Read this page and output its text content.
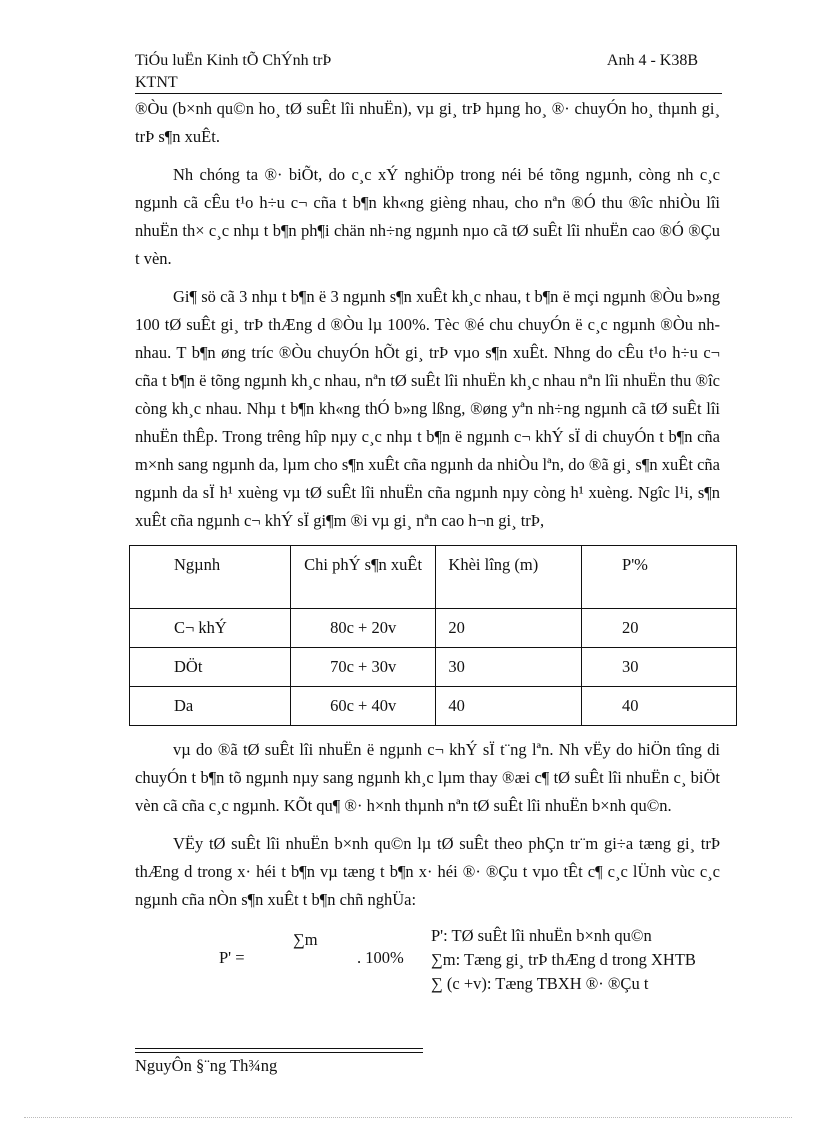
TiÓu luËn Kinh tÕ ChÝnh trÞ
KTNT
Anh 4 - K38B

®Òu (b×nh qu©n ho¸ tØ suÊt lîi nhuËn), vµ gi¸ trÞ hµng ho¸ ®· chuyÓn ho¸ thµnh gi¸ trÞ s¶n xuÊt.

Nh chóng ta ®· biÕt, do c¸c xÝ nghiÖp trong néi bé tõng ngµnh, còng nh c¸c ngµnh cã cÊu t¹o h÷u c¬ cña t b¶n kh«ng gièng nhau, cho nªn ®Ó thu ®îc nhiÒu lîi nhuËn th× c¸c nhµ t b¶n ph¶i chän nh÷ng ngµnh nµo cã tØ suÊt lîi nhuËn cao ®Ó ®Çu t vèn.

Gi¶ sö cã 3 nhµ t b¶n ë 3 ngµnh s¶n xuÊt kh¸c nhau, t b¶n ë mçi ngµnh ®Òu b»ng 100 tØ suÊt gi¸ trÞ thÆng d ®Òu lµ 100%. Tèc ®é chu chuyÓn ë c¸c ngµnh ®Òu nh nhau. T b¶n øng tríc ®Òu chuyÓn hÕt gi¸ trÞ vµo s¶n xuÊt. Nhng do cÊu t¹o h÷u c¬ cña t b¶n ë tõng ngµnh kh¸c nhau, nªn tØ suÊt lîi nhuËn kh¸c nhau nªn lîi nhuËn thu ®îc còng kh¸c nhau. Nhµ t b¶n kh«ng thÓ b»ng lßng, ®øng yªn nh÷ng ngµnh cã tØ suÊt lîi nhuËn thÊp. Trong trêng hîp nµy c¸c nhµ t b¶n ë ngµnh c¬ khÝ sÏ di chuyÓn t b¶n cña m×nh sang ngµnh da, lµm cho s¶n xuÊt cña ngµnh da nhiÒu lªn, do ®ã gi¸ s¶n xuÊt cña ngµnh da sÏ h¹ xuèng vµ tØ suÊt lîi nhuËn cña ngµnh nµy còng h¹ xuèng. Ngîc l¹i, s¶n xuÊt cña ngµnh c¬ khÝ sÏ gi¶m ®i vµ gi¸ nªn cao h¬n gi¸ trÞ,

Ngµnh	Chi phÝ s¶n xuÊt	Khèi lîng (m)	P'%
C¬ khÝ	80c + 20v	20	20
DÖt	70c + 30v	30	30
Da	60c + 40v	40	40

vµ do ®ã tØ suÊt lîi nhuËn ë ngµnh c¬ khÝ sÏ t¨ng lªn. Nh vËy do hiÖn tîng di chuyÓn t b¶n tõ ngµnh nµy sang ngµnh kh¸c lµm thay ®æi c¶ tØ suÊt lîi nhuËn c¸ biÖt vèn cã cña c¸c ngµnh. KÕt qu¶ ®· h×nh thµnh nªn tØ suÊt lîi nhuËn b×nh qu©n.

VËy tØ suÊt lîi nhuËn b×nh qu©n lµ tØ suÊt theo phÇn tr¨m gi÷a tæng gi¸ trÞ thÆng d trong x· héi t b¶n vµ tæng t b¶n x· héi ®· ®Çu t vµo tÊt c¶ c¸c lÜnh vùc c¸c ngµnh cña nÒn s¶n xuÊt t b¶n chñ nghÜa:

P' =
∑m
. 100%
P': TØ suÊt lîi nhuËn b×nh qu©n
∑m: Tæng gi¸ trÞ thÆng d trong XHTB
∑ (c +v): Tæng TBXH ®· ®Çu t
NguyÔn §¨ng Th¾ng
